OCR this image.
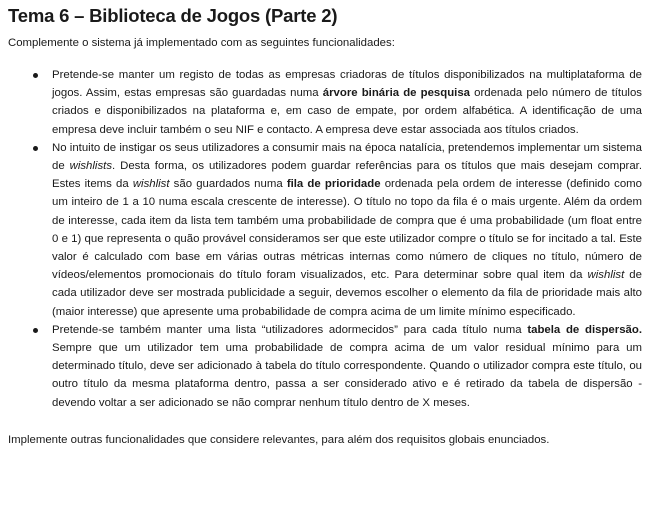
Tema 6 – Biblioteca de Jogos (Parte 2)

Complemente o sistema já implementado com as seguintes funcionalidades:

Pretende-se manter um registo de todas as empresas criadoras de títulos disponibilizados na multiplataforma de jogos. Assim, estas empresas são guardadas numa árvore binária de pesquisa ordenada pelo número de títulos criados e disponibilizados na plataforma e, em caso de empate, por ordem alfabética. A identificação de uma empresa deve incluir também o seu NIF e contacto. A empresa deve estar associada aos títulos criados.
No intuito de instigar os seus utilizadores a consumir mais na época natalícia, pretendemos implementar um sistema de wishlists. Desta forma, os utilizadores podem guardar referências para os títulos que mais desejam comprar. Estes items da wishlist são guardados numa fila de prioridade ordenada pela ordem de interesse (definido como um inteiro de 1 a 10 numa escala crescente de interesse). O título no topo da fila é o mais urgente. Além da ordem de interesse, cada item da lista tem também uma probabilidade de compra que é uma probabilidade (um float entre 0 e 1) que representa o quão provável consideramos ser que este utilizador compre o título se for incitado a tal. Este valor é calculado com base em várias outras métricas internas como número de cliques no título, número de vídeos/elementos promocionais do título foram visualizados, etc. Para determinar sobre qual item da wishlist de cada utilizador deve ser mostrada publicidade a seguir, devemos escolher o elemento da fila de prioridade mais alto (maior interesse) que apresente uma probabilidade de compra acima de um limite mínimo especificado.
Pretende-se também manter uma lista “utilizadores adormecidos” para cada título numa tabela de dispersão. Sempre que um utilizador tem uma probabilidade de compra acima de um valor residual mínimo para um determinado título, deve ser adicionado à tabela do título correspondente. Quando o utilizador compra este título, ou outro título da mesma plataforma dentro, passa a ser considerado ativo e é retirado da tabela de dispersão - devendo voltar a ser adicionado se não comprar nenhum título dentro de X meses.

Implemente outras funcionalidades que considere relevantes, para além dos requisitos globais enunciados.
